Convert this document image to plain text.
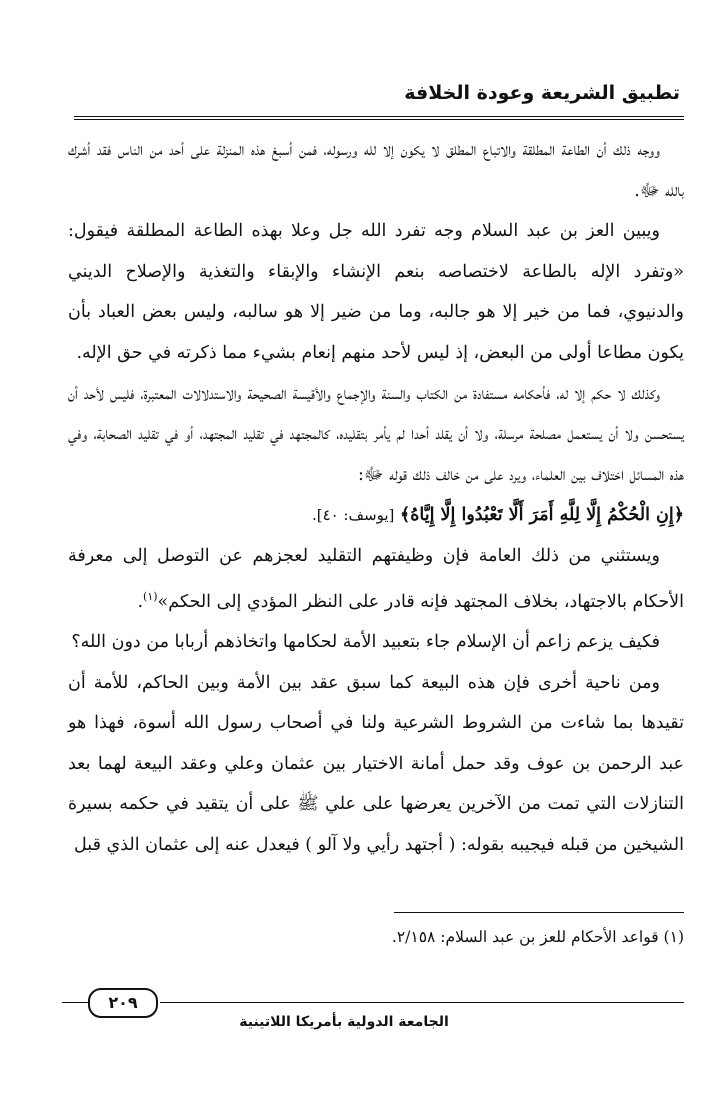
تطبيق الشريعة وعودة الخلافة

ووجه ذلك أن الطاعة المطلقة والاتباع المطلق لا يكون إلا لله ورسوله، فمن أسبغ هذه المنزلة على أحد من الناس فقد أشرك بالله ﷻ.

ويبين العز بن عبد السلام وجه تفرد الله جل وعلا بهذه الطاعة المطلقة فيقول: «وتفرد الإله بالطاعة لاختصاصه بنعم الإنشاء والإبقاء والتغذية والإصلاح الديني والدنيوي، فما من خير إلا هو جالبه، وما من ضير إلا هو سالبه، وليس بعض العباد بأن يكون مطاعا أولى من البعض، إذ ليس لأحد منهم إنعام بشيء مما ذكرته في حق الإله.

وكذلك لا حكم إلا له، فأحكامه مستفادة من الكتاب والسنة والإجماع والأقيسة الصحيحة والاستدلالات المعتبرة، فليس لأحد أن يستحسن ولا أن يستعمل مصلحة مرسلة، ولا أن يقلد أحدا لم يأمر بتقليده، كالمجتهد في تقليد المجتهد، أو في تقليد الصحابة، وفي هذه المسائل اختلاف بين العلماء، ويرد على من خالف ذلك قوله ﷻ:

﴿إِنِ الْحُكْمُ إِلَّا لِلَّهِ أَمَرَ أَلَّا تَعْبُدُوا إِلَّا إِيَّاهُ﴾ [يوسف: ٤٠].

ويستثني من ذلك العامة فإن وظيفتهم التقليد لعجزهم عن التوصل إلى معرفة الأحكام بالاجتهاد، بخلاف المجتهد فإنه قادر على النظر المؤدي إلى الحكم»$^{(١)}$.

فكيف يزعم زاعم أن الإسلام جاء بتعبيد الأمة لحكامها واتخاذهم أربابا من دون الله؟

ومن ناحية أخرى فإن هذه البيعة كما سبق عقد بين الأمة وبين الحاكم، للأمة أن تقيدها بما شاءت من الشروط الشرعية ولنا في أصحاب رسول الله أسوة، فهذا هو عبد الرحمن بن عوف وقد حمل أمانة الاختيار بين عثمان وعلي وعقد البيعة لهما بعد التنازلات التي تمت من الآخرين يعرضها على علي ﷺ على أن يتقيد في حكمه بسيرة الشيخين من قبله فيجيبه بقوله: ( أجتهد رأيي ولا آلو ) فيعدل عنه إلى عثمان الذي قبل

(١) قواعد الأحكام للعز بن عبد السلام: ٢/١٥٨.
٢٠٩
الجامعة الدولية بأمريكا اللاتينية
